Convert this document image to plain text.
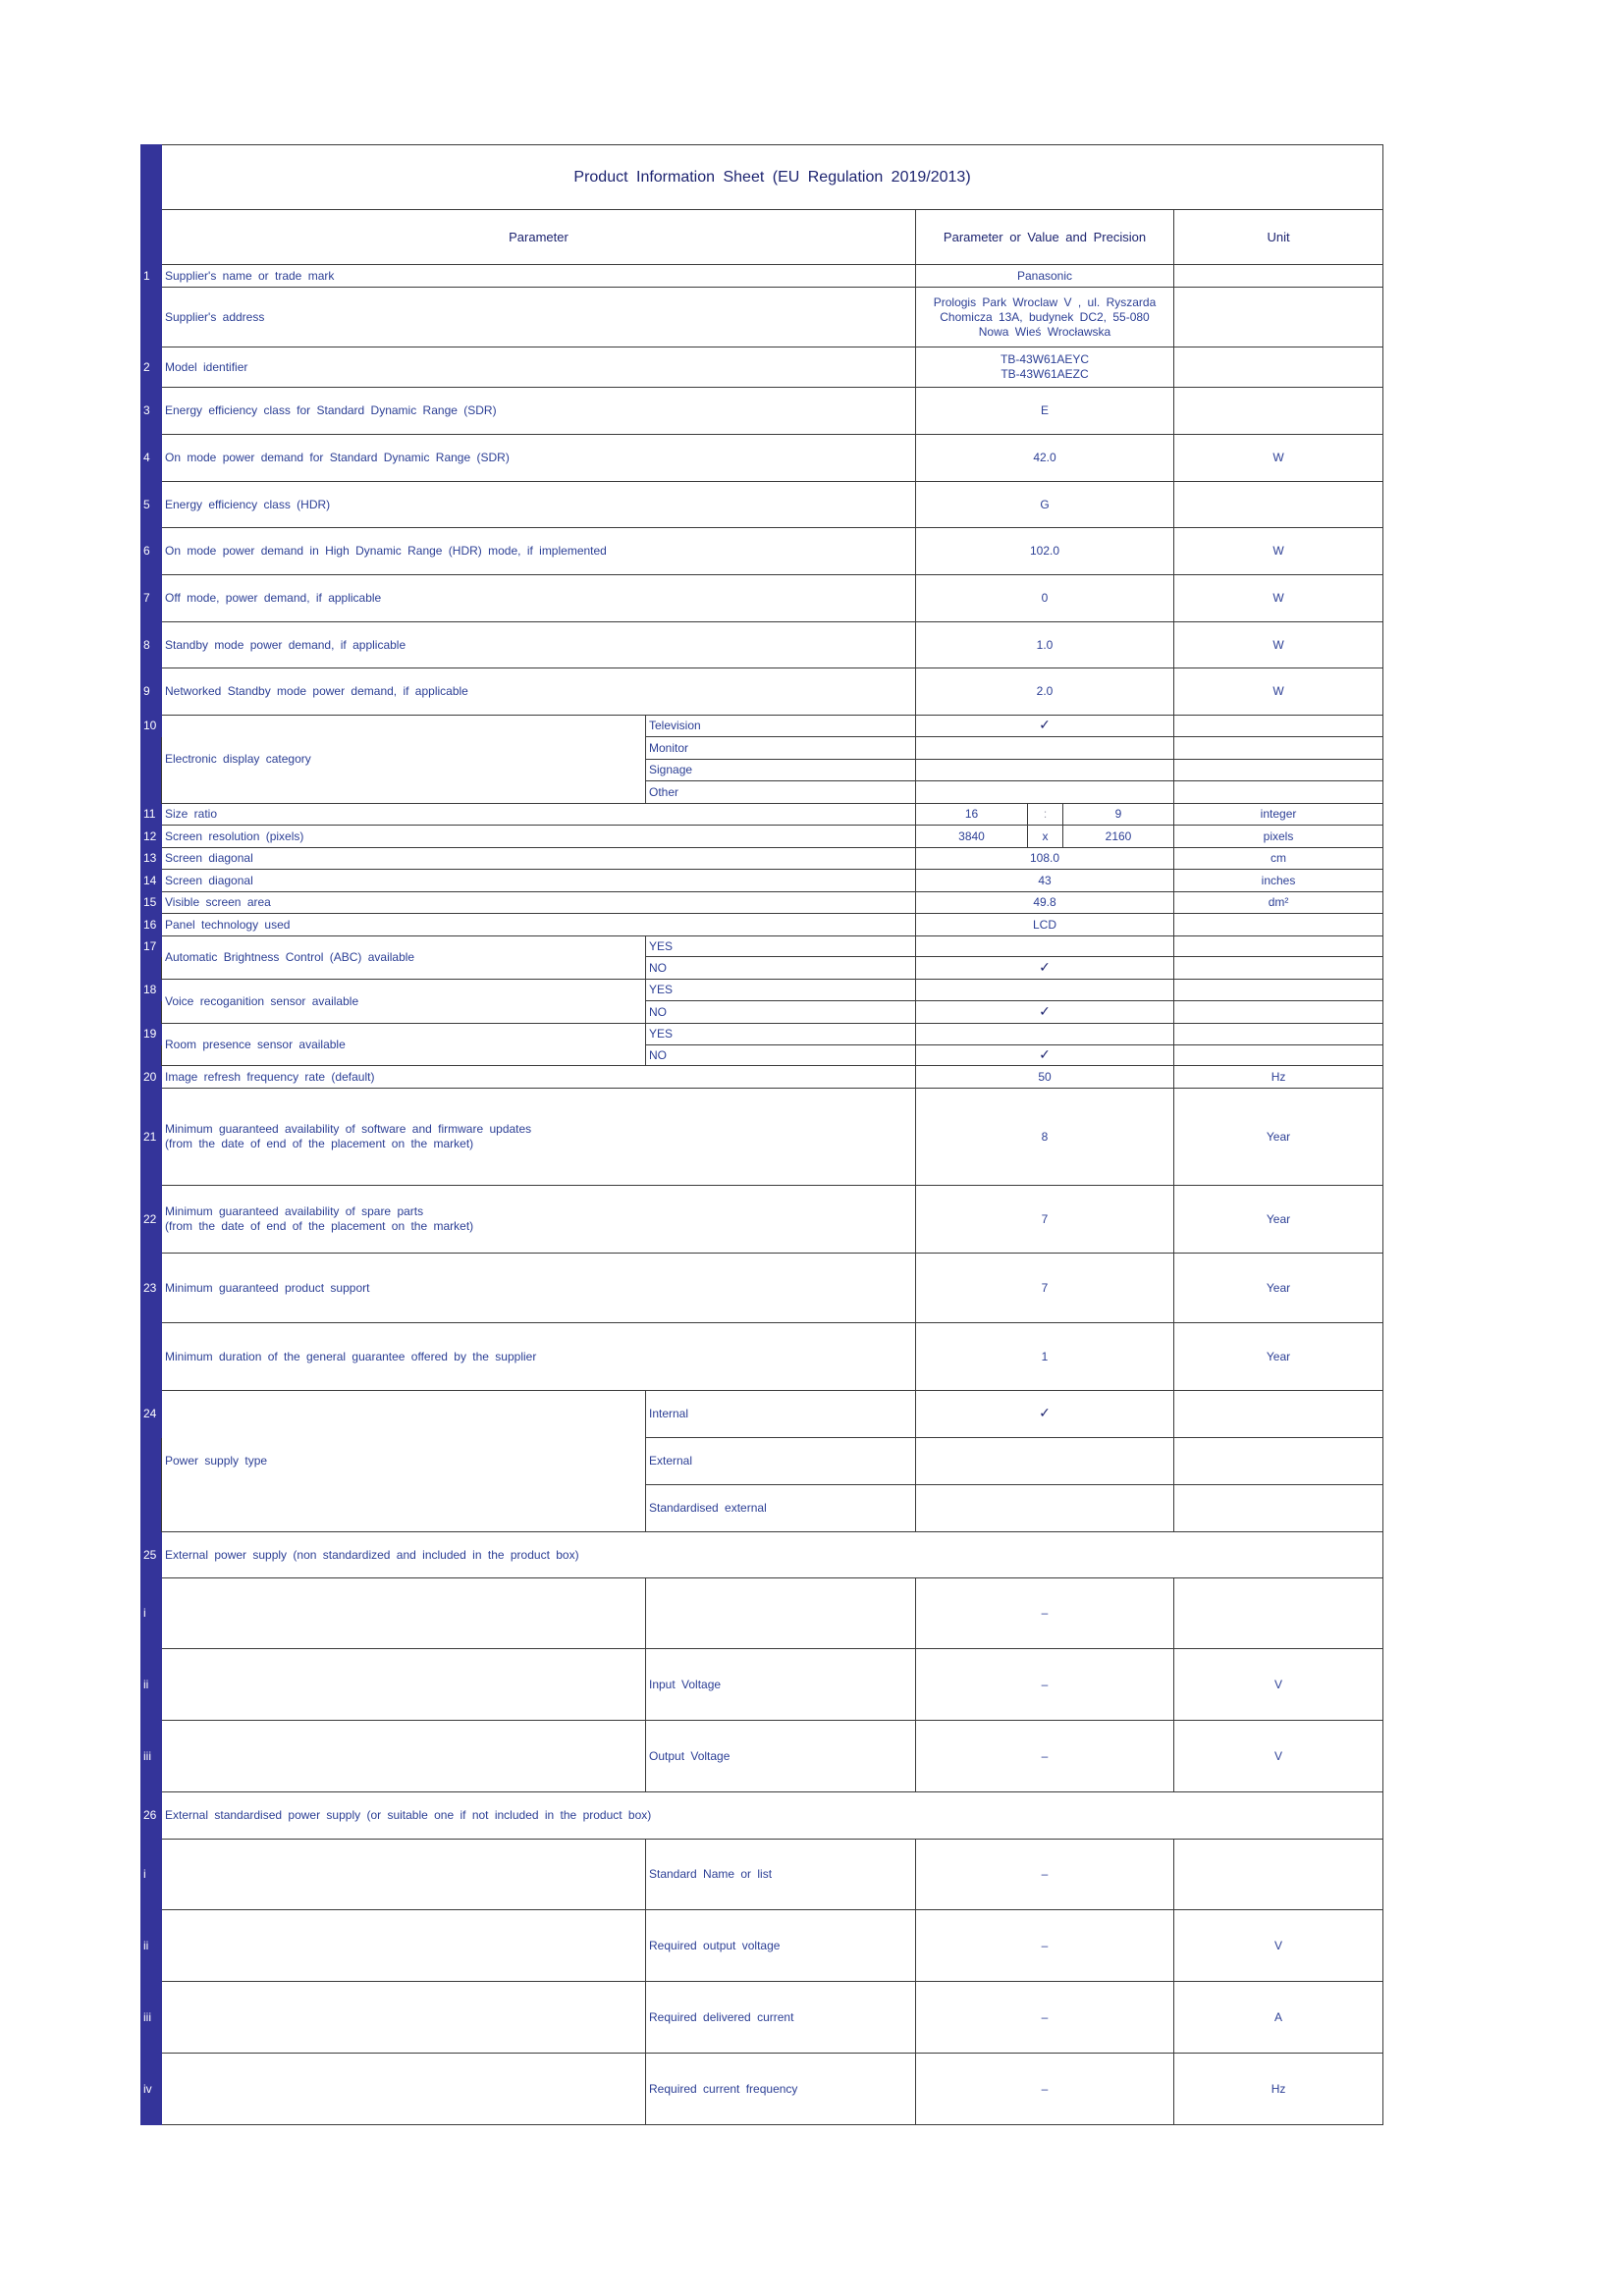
	Product Information Sheet (EU Regulation 2019/2013)					
	Parameter		Parameter or Value and Precision			Unit
1	Supplier's name or trade mark		Panasonic			
	Supplier's address		Prologis Park Wroclaw V , ul. Ryszarda
Chomicza 13A, budynek DC2, 55-080
Nowa Wieś Wrocławska			

2	Model identifier		TB-43W61AEYC
TB-43W61AEZC			

3	Energy efficiency class for Standard Dynamic Range (SDR)		E			
4	On mode power demand for Standard Dynamic Range (SDR)		42.0			W
5	Energy efficiency class (HDR)		G			
6	On mode power demand in High Dynamic Range (HDR) mode, if implemented		102.0			W
7	Off mode, power demand, if applicable		0			W
8	Standby mode power demand, if applicable		1.0			W
9	Networked Standby mode power demand, if applicable		2.0			W
10	Electronic display category	Television	✓			
		Monitor				
		Signage				
		Other				
11	Size ratio		16	:	9	integer
12	Screen resolution (pixels)		3840	x	2160	pixels
13	Screen diagonal		108.0			cm
14	Screen diagonal		43			inches
15	Visible screen area		49.8			dm²
16	Panel technology used		LCD			
17	Automatic Brightness Control (ABC) available	YES				
		NO	✓			
18	Voice recoganition sensor available	YES				
		NO	✓			
19	Room presence sensor available	YES				
		NO	✓			
20	Image refresh frequency rate (default)		50			Hz
21	Minimum guaranteed availability of software and firmware updates
(from the date of end of the placement on the market)		8			Year
22	Minimum guaranteed availability of spare parts
(from the date of end of the placement on the market)		7			Year
23	Minimum guaranteed product support		7			Year
	Minimum duration of the general guarantee offered by the supplier		1			Year
24	Power supply type	Internal	✓			
		External				
		Standardised external				
25	External power supply (non standardized and included in the product box)					
i			–			
ii		Input Voltage	–			V
iii		Output Voltage	–			V
26	External standardised power supply (or suitable one if not included in the product box)					
i		Standard Name or list	–			
ii		Required output voltage	–			V
iii		Required delivered current	–			A
iv		Required current frequency	–			Hz
